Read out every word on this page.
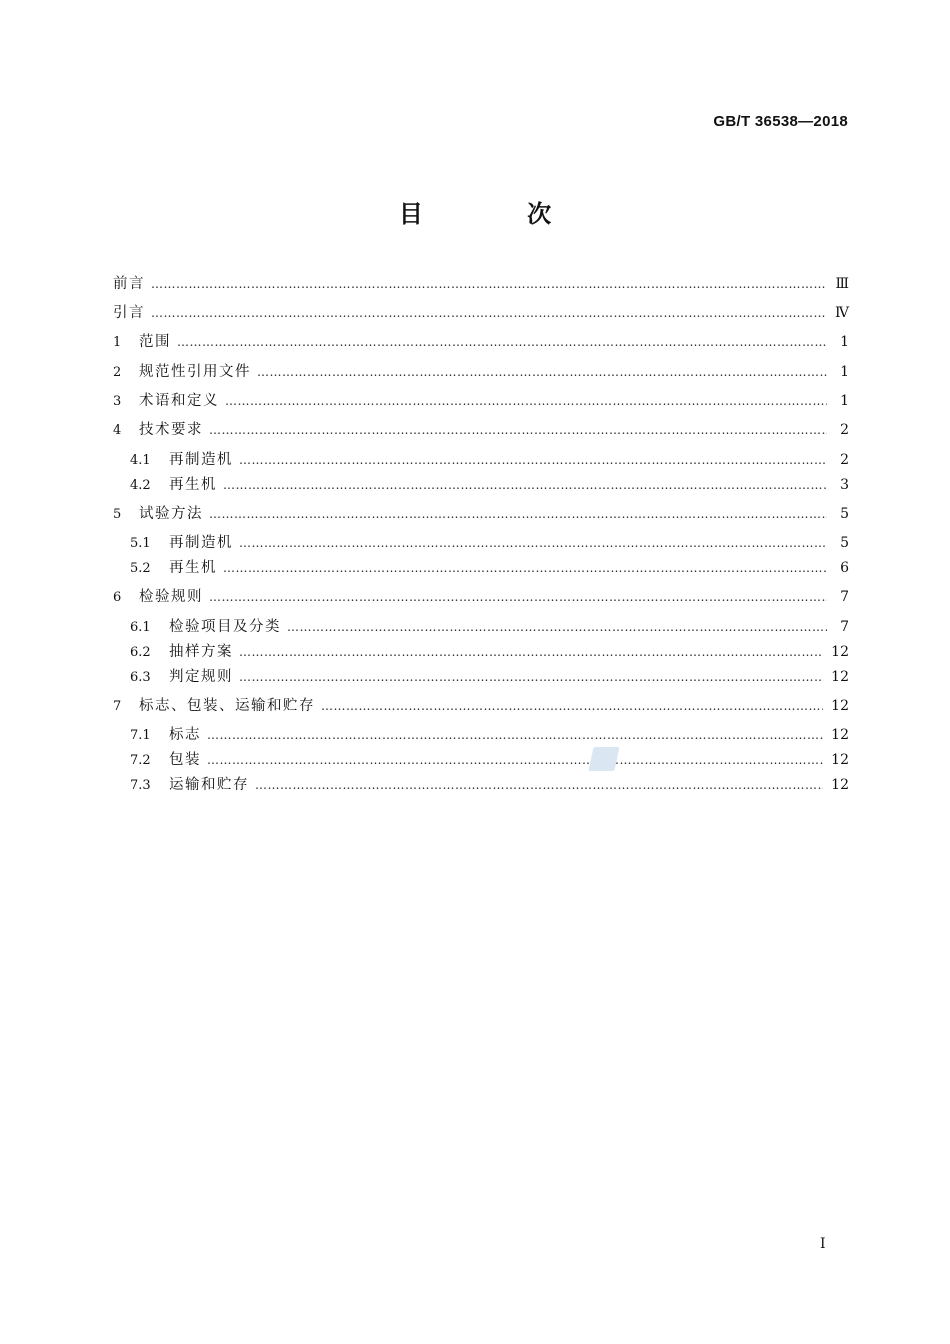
GB/T 36538—2018
目 次
前言 …………………………………………………………………………………………………………………………………………………………………………………………………………………………………………	Ⅲ
引言 …………………………………………………………………………………………………………………………………………………………………………………………………………………………………………	Ⅳ
1	范围 …………………………………………………………………………………………………………………………………………………………………………………………………………………………………………	1
2	规范性引用文件 …………………………………………………………………………………………………………………………………………………………………………………………………………………………………………	1
3	术语和定义 …………………………………………………………………………………………………………………………………………………………………………………………………………………………………………	1
4	技术要求 …………………………………………………………………………………………………………………………………………………………………………………………………………………………………………	2
4.1	再制造机 …………………………………………………………………………………………………………………………………………………………………………………………………………………………………………	2
4.2	再生机 …………………………………………………………………………………………………………………………………………………………………………………………………………………………………………	3
5	试验方法 …………………………………………………………………………………………………………………………………………………………………………………………………………………………………………	5
5.1	再制造机 …………………………………………………………………………………………………………………………………………………………………………………………………………………………………………	5
5.2	再生机 …………………………………………………………………………………………………………………………………………………………………………………………………………………………………………	6
6	检验规则 …………………………………………………………………………………………………………………………………………………………………………………………………………………………………………	7
6.1	检验项目及分类 …………………………………………………………………………………………………………………………………………………………………………………………………………………………………………	7
6.2	抽样方案 …………………………………………………………………………………………………………………………………………………………………………………………………………………………………………	12
6.3	判定规则 …………………………………………………………………………………………………………………………………………………………………………………………………………………………………………	12
7	标志、包装、运输和贮存 …………………………………………………………………………………………………………………………………………………………………………………………………………………………………………	12
7.1	标志 …………………………………………………………………………………………………………………………………………………………………………………………………………………………………………	12
7.2	包装 …………………………………………………………………………………………………………………………………………………………………………………………………………………………………………	12
7.3	运输和贮存 …………………………………………………………………………………………………………………………………………………………………………………………………………………………………………	12
I
